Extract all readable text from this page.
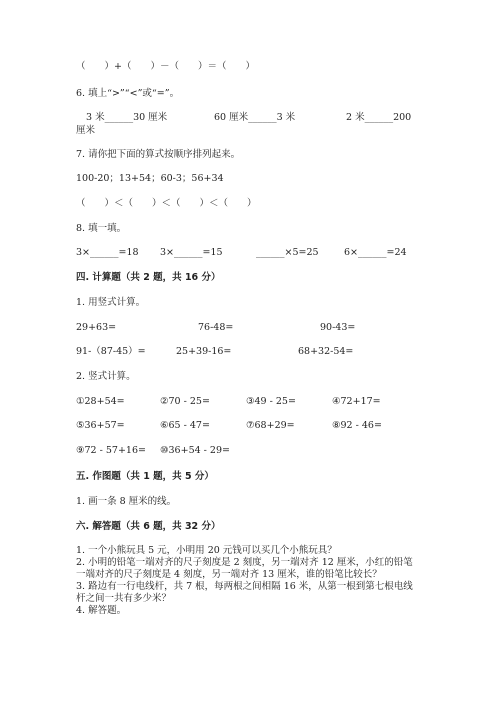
（　　）+（　　）－（　　）＝（　　）
6. 填上“>”“<”或“=”。
3 米______30 厘米	60 厘米______3 米	2 米______200
厘米
7. 请你把下面的算式按顺序排列起来。
100-20；13+54；60-3；56+34
（　　）＜（　　）＜（　　）＜（　　）
8. 填一填。
3×______=18 3×______=15	______×5=25	6×______=24
四. 计算题（共 2 题，共 16 分）
1. 用竖式计算。
29+63=	76-48=	90-43=
91-（87-45）=	25+39-16=	68+32-54=
2. 竖式计算。
①28+54=	②70 - 25=	③49 - 25=	④72+17=
⑤36+57=	⑥65 - 47=	⑦68+29=	⑧92 - 46=
⑨72 - 57+16= ⑩36+54 - 29=
五. 作图题（共 1 题，共 5 分）
1. 画一条 8 厘米的线。
六. 解答题（共 6 题，共 32 分）
1. 一个小熊玩具 5 元，小明用 20 元钱可以买几个小熊玩具？
2. 小明的铅笔一端对齐的尺子刻度是 2 刻度，另一端对齐 12 厘米，小红的铅笔
一端对齐的尺子刻度是 4 刻度，另一端对齐 13 厘米，谁的铅笔比较长？
3. 路边有一行电线杆，共 7 根，每两根之间相隔 16 米，从第一根到第七根电线
杆之间一共有多少米？
4. 解答题。
